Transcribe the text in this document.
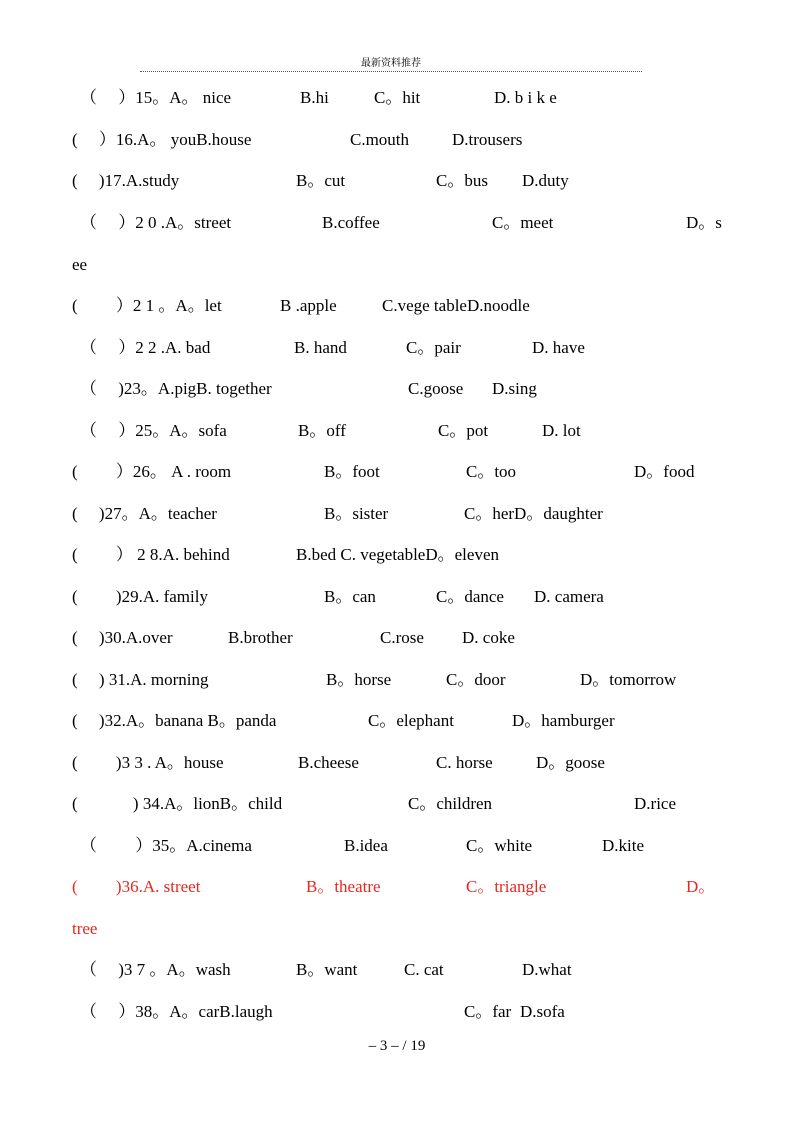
最新资料推荐
（　 ）15。A。 nice	B.hi	C。hit	D. b i k e
(　 ）16.A。 youB.house	C.mouth	D.trousers
(　 )17.A.study	B。cut	C。bus D.duty
（　 ）2 0 .A。street	B.coffee	C。meet	D。s
ee
(　　 ）2 1 。A。let	B .apple	C.vege tableD.noodle
（　 ）2 2 .A. bad	B. hand	C。pair	D. have
（　 )23。A.pigB. together	C.goose D.sing
（　 ）25。A。sofa	B。off	C。pot	D. lot
(　　 ）26。 A . room	B。foot	C。too	D。food
(　 )27。A。teacher	B。sister	C。herD。daughter
(　　 ） 2 8.A. behind	B.bed C. vegetableD。eleven
(　　 )29.A. family	B。can	C。dance D. camera
(　 )30.A.over	B.brother	C.rose D. coke
(　 ) 31.A. morning	B。horse	C。door	D。tomorrow
(　 )32.A。banana B。panda	C。elephant	D。hamburger
(　　 )3 3 . A。house	B.cheese	C. horse	D。goose
(　　　 ) 34.A。lionB。child	C。children	D.rice
（　　 ）35。A.cinema	B.idea	C。white	D.kite
(　　 )36.A. street	B。theatre	C。triangle	D。
tree
（　 )3 7 。A。wash	B。want	C. cat	D.what
（　 ）38。A。carB.laugh	C。far D.sofa
– 3 – / 19
